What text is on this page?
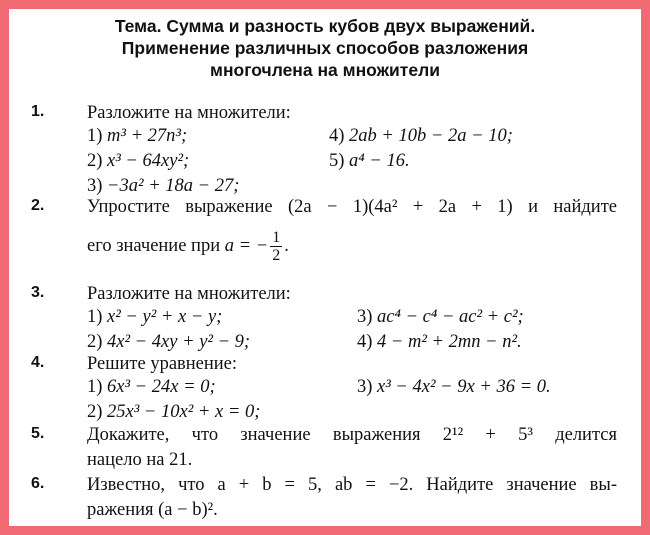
Тема. Сумма и разность кубов двух выражений.
Применение различных способов разложения
многочлена на множители
1. Разложите на множители:
1) m³ + 27n³;
2) x³ − 64xy²;
3) −3a² + 18a − 27;
4) 2ab + 10b − 2a − 10;
5) a⁴ − 16.
2. Упростите выражение (2a − 1)(4a² + 2a + 1) и найдите
его значение при a = − $\frac{1}{2}$ .
3. Разложите на множители:
1) x² − y² + x − y;
2) 4x² − 4xy + y² − 9;
3) ac⁴ − c⁴ − ac² + c²;
4) 4 − m² + 2mn − n².
4. Решите уравнение:
1) 6x³ − 24x = 0;
2) 25x³ − 10x² + x = 0;
3) x³ − 4x² − 9x + 36 = 0.
5. Докажите, что значение выражения 2¹² + 5³ делится
нацело на 21.
6. Известно, что a + b = 5, ab = −2. Найдите значение вы-
ражения (a − b)².
